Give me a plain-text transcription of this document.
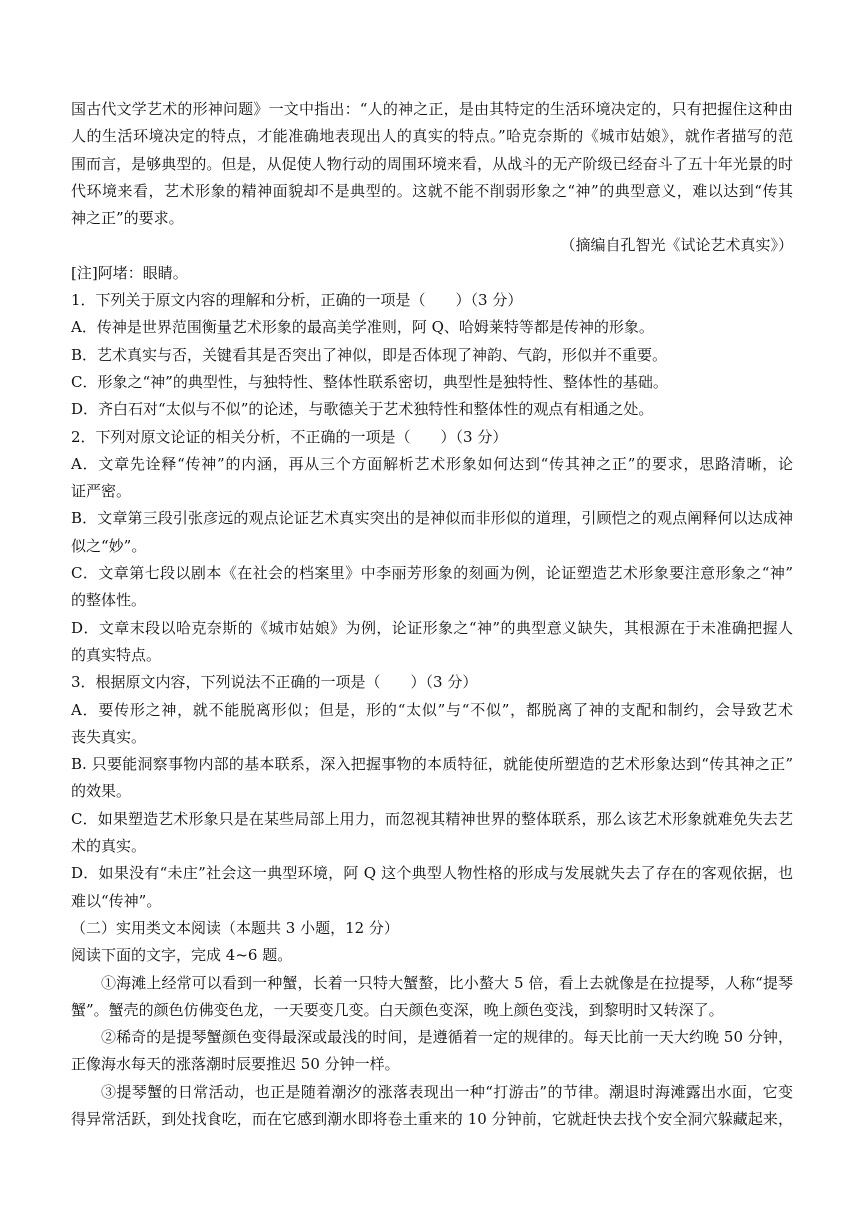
国古代文学艺术的形神问题》一文中指出：“人的神之正，是由其特定的生活环境决定的，只有把握住这种由
人的生活环境决定的特点，才能准确地表现出人的真实的特点。”哈克奈斯的《城市姑娘》，就作者描写的范
围而言，是够典型的。但是，从促使人物行动的周围环境来看，从战斗的无产阶级已经奋斗了五十年光景的时
代环境来看，艺术形象的精神面貌却不是典型的。这就不能不削弱形象之“神”的典型意义，难以达到“传其
神之正”的要求。
（摘编自孔智光《试论艺术真实》）
[注]阿堵：眼睛。
1．下列关于原文内容的理解和分析，正确的一项是（　　）（3 分）
A．传神是世界范围衡量艺术形象的最高美学准则，阿 Q、哈姆莱特等都是传神的形象。
B．艺术真实与否，关键看其是否突出了神似，即是否体现了神韵、气韵，形似并不重要。
C．形象之“神”的典型性，与独特性、整体性联系密切，典型性是独特性、整体性的基础。
D．齐白石对“太似与不似”的论述，与歌德关于艺术独特性和整体性的观点有相通之处。
2．下列对原文论证的相关分析，不正确的一项是（　　）（3 分）
A．文章先诠释“传神”的内涵，再从三个方面解析艺术形象如何达到“传其神之正”的要求，思路清晰，论
证严密。
B．文章第三段引张彦远的观点论证艺术真实突出的是神似而非形似的道理，引顾恺之的观点阐释何以达成神
似之“妙”。
C．文章第七段以剧本《在社会的档案里》中李丽芳形象的刻画为例，论证塑造艺术形象要注意形象之“神”
的整体性。
D．文章末段以哈克奈斯的《城市姑娘》为例，论证形象之“神”的典型意义缺失，其根源在于未准确把握人
的真实特点。
3．根据原文内容，下列说法不正确的一项是（　　）（3 分）
A．要传形之神，就不能脱离形似；但是，形的“太似”与“不似”，都脱离了神的支配和制约，会导致艺术
丧失真实。
B. 只要能洞察事物内部的基本联系，深入把握事物的本质特征，就能使所塑造的艺术形象达到“传其神之正”
的效果。
C．如果塑造艺术形象只是在某些局部上用力，而忽视其精神世界的整体联系，那么该艺术形象就难免失去艺
术的真实。
D．如果没有“未庄”社会这一典型环境，阿 Q 这个典型人物性格的形成与发展就失去了存在的客观依据，也
难以“传神”。
（二）实用类文本阅读（本题共 3 小题，12 分）
阅读下面的文字，完成 4~6 题。
①海滩上经常可以看到一种蟹，长着一只特大蟹螯，比小螯大 5 倍，看上去就像是在拉提琴，人称“提琴
蟹”。蟹壳的颜色仿佛变色龙，一天要变几变。白天颜色变深，晚上颜色变浅，到黎明时又转深了。
②稀奇的是提琴蟹颜色变得最深或最浅的时间，是遵循着一定的规律的。每天比前一天大约晚 50 分钟，
正像海水每天的涨落潮时辰要推迟 50 分钟一样。
③提琴蟹的日常活动，也正是随着潮汐的涨落表现出一种“打游击”的节律。潮退时海滩露出水面，它变
得异常活跃，到处找食吃，而在它感到潮水即将卷土重来的 10 分钟前，它就赶快去找个安全洞穴躲藏起来，
